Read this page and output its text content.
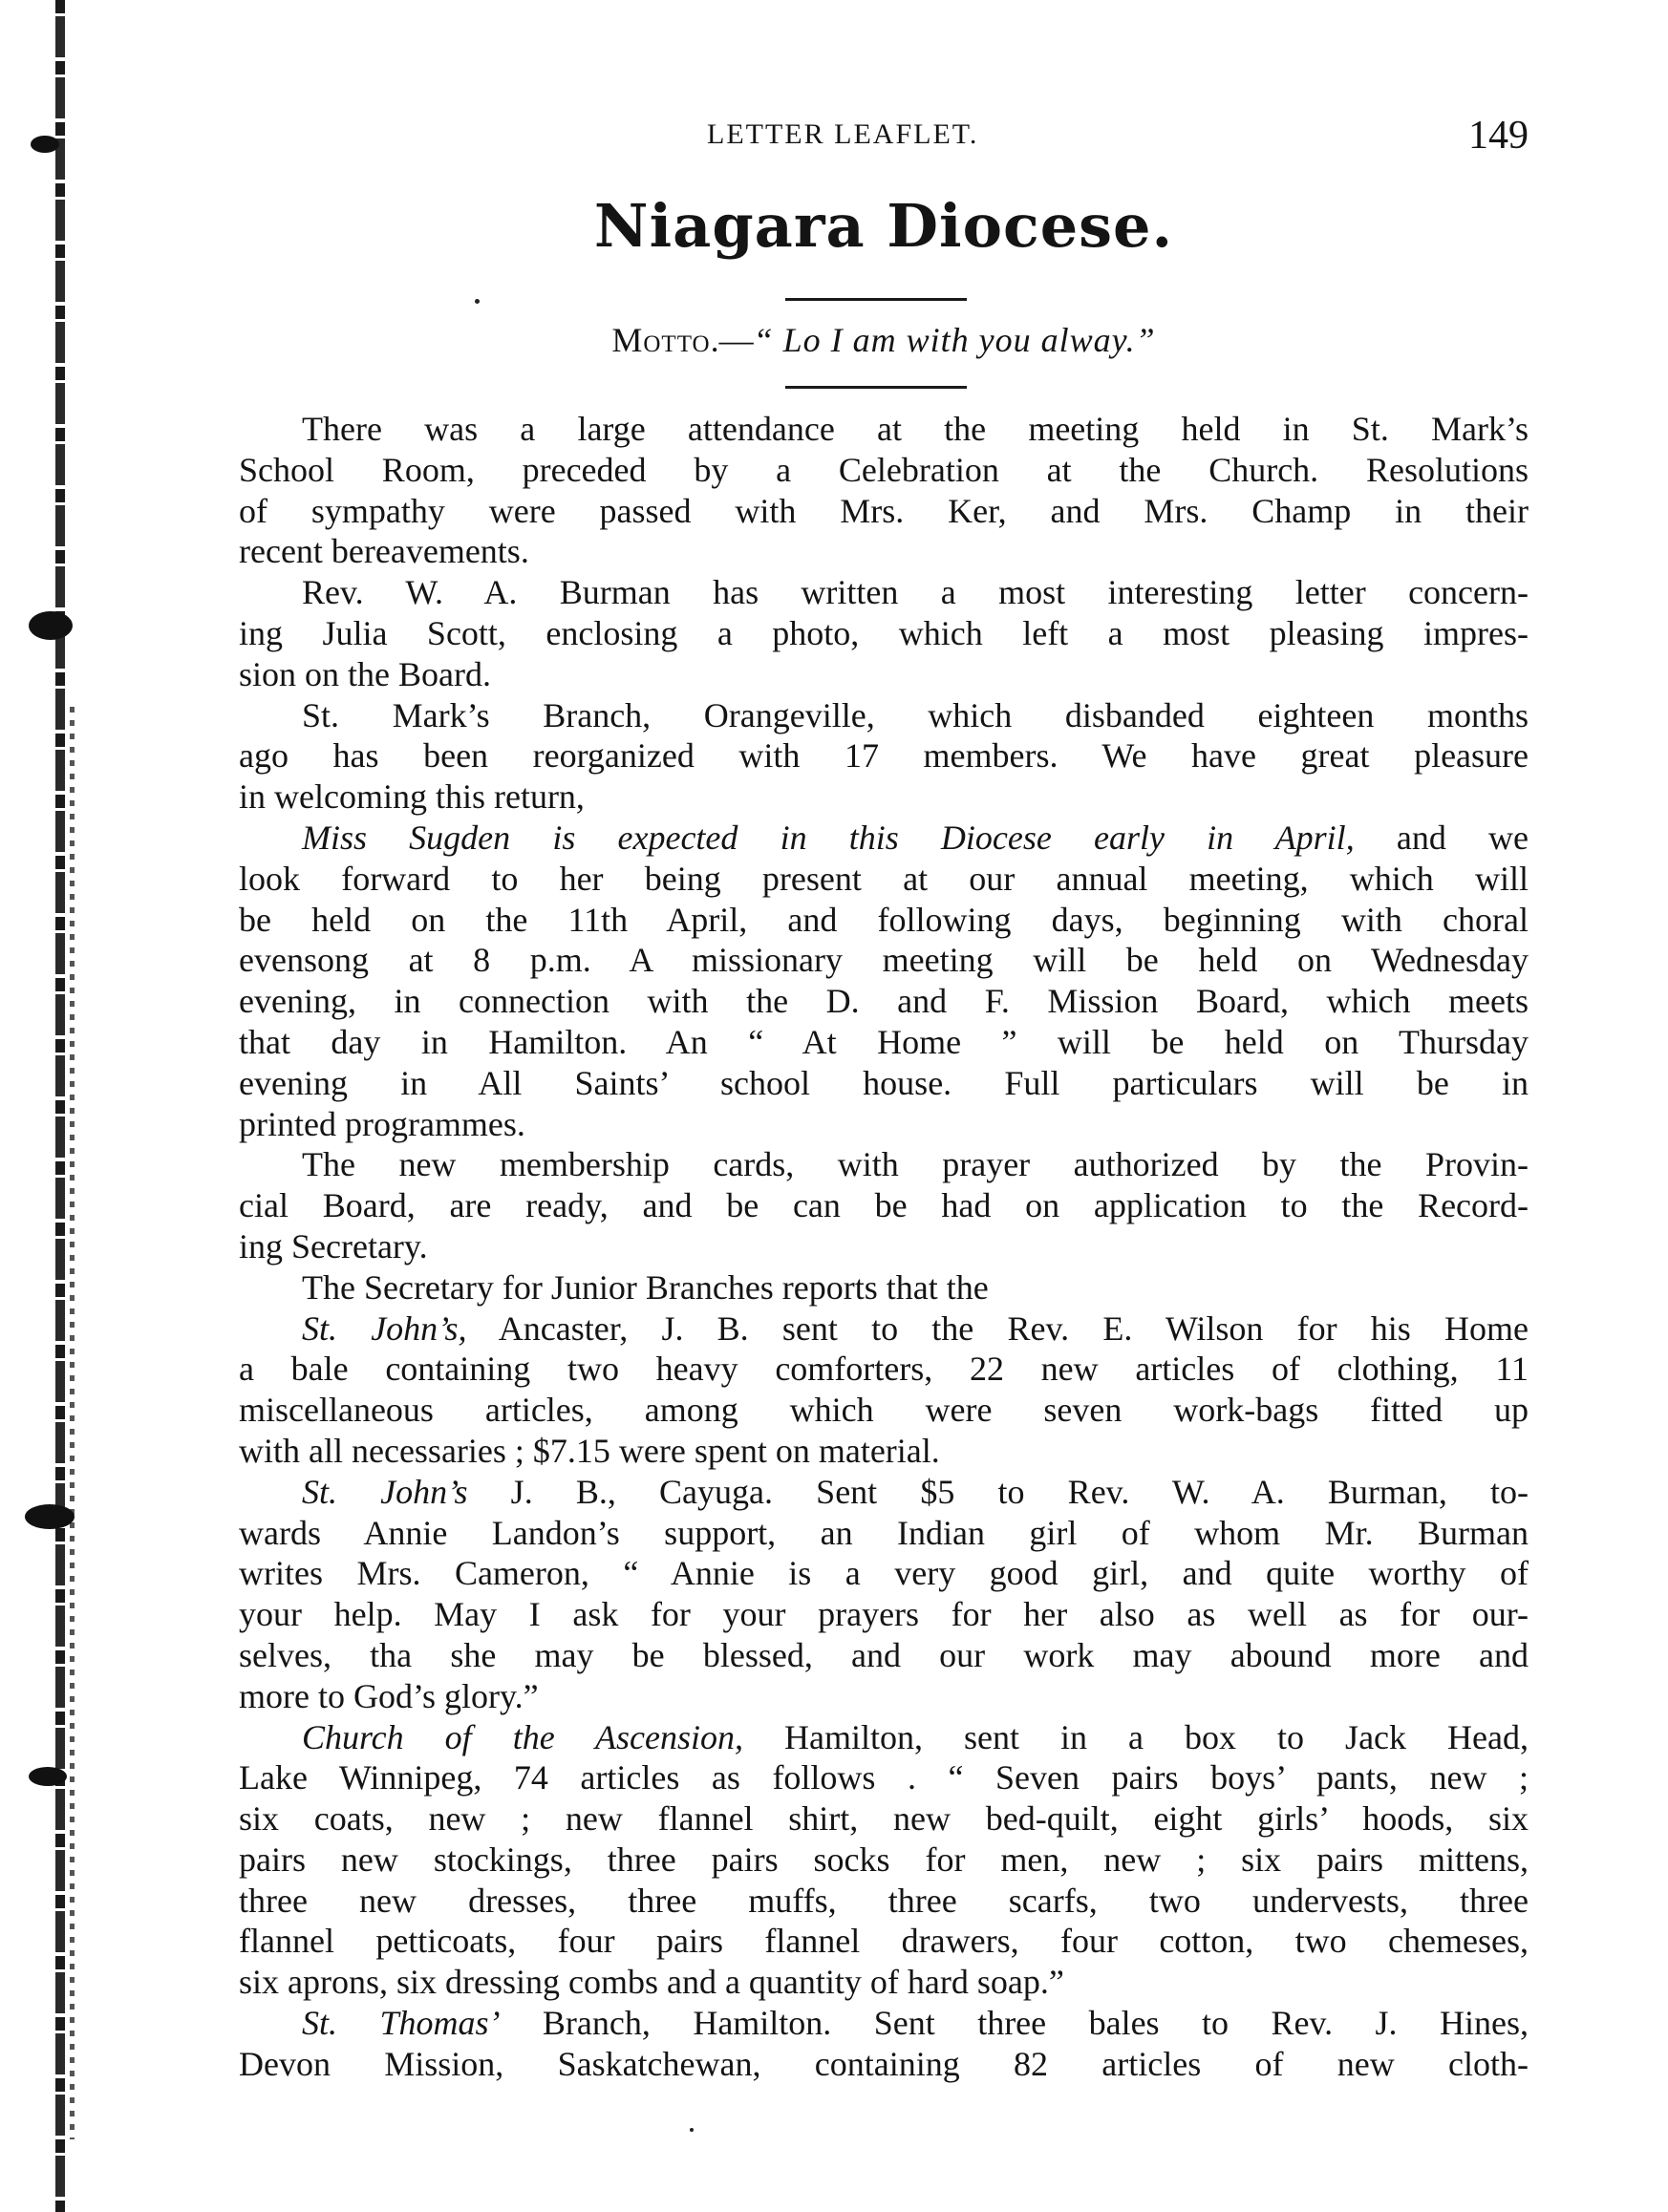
LETTER LEAFLET.	149
Niagara Diocese.
Motto.—“ Lo I am with you alway.”

There was a large attendance at the meeting held in St. Mark’s
School Room, preceded by a Celebration at the Church. Resolutions
of sympathy were passed with Mrs. Ker, and Mrs. Champ in their
recent bereavements.

Rev. W. A. Burman has written a most interesting letter concern-
ing Julia Scott, enclosing a photo, which left a most pleasing impres-
sion on the Board.

St. Mark’s Branch, Orangeville, which disbanded eighteen months
ago has been reorganized with 17 members. We have great pleasure
in welcoming this return,

Miss Sugden is expected in this Diocese early in April, and we
look forward to her being present at our annual meeting, which will
be held on the 11th April, and following days, beginning with choral
evensong at 8 p.m. A missionary meeting will be held on Wednesday
evening, in connection with the D. and F. Mission Board, which meets
that day in Hamilton. An “ At Home ” will be held on Thursday
evening in All Saints’ school house. Full particulars will be in
printed programmes.

The new membership cards, with prayer authorized by the Provin-
cial Board, are ready, and be can be had on application to the Record-
ing Secretary.

The Secretary for Junior Branches reports that the

St. John’s, Ancaster, J. B. sent to the Rev. E. Wilson for his Home
a bale containing two heavy comforters, 22 new articles of clothing, 11
miscellaneous articles, among which were seven work-bags fitted up
with all necessaries ; $7.15 were spent on material.

St. John’s J. B., Cayuga. Sent $5 to Rev. W. A. Burman, to-
wards Annie Landon’s support, an Indian girl of whom Mr. Burman
writes Mrs. Cameron, “ Annie is a very good girl, and quite worthy of
your help. May I ask for your prayers for her also as well as for our-
selves, tha she may be blessed, and our work may abound more and
more to God’s glory.”

Church of the Ascension, Hamilton, sent in a box to Jack Head,
Lake Winnipeg, 74 articles as follows . “ Seven pairs boys’ pants, new ;
six coats, new ; new flannel shirt, new bed-quilt, eight girls’ hoods, six
pairs new stockings, three pairs socks for men, new ; six pairs mittens,
three new dresses, three muffs, three scarfs, two undervests, three
flannel petticoats, four pairs flannel drawers, four cotton, two chemeses,
six aprons, six dressing combs and a quantity of hard soap.”

St. Thomas’ Branch, Hamilton. Sent three bales to Rev. J. Hines,
Devon Mission, Saskatchewan, containing 82 articles of new cloth-
